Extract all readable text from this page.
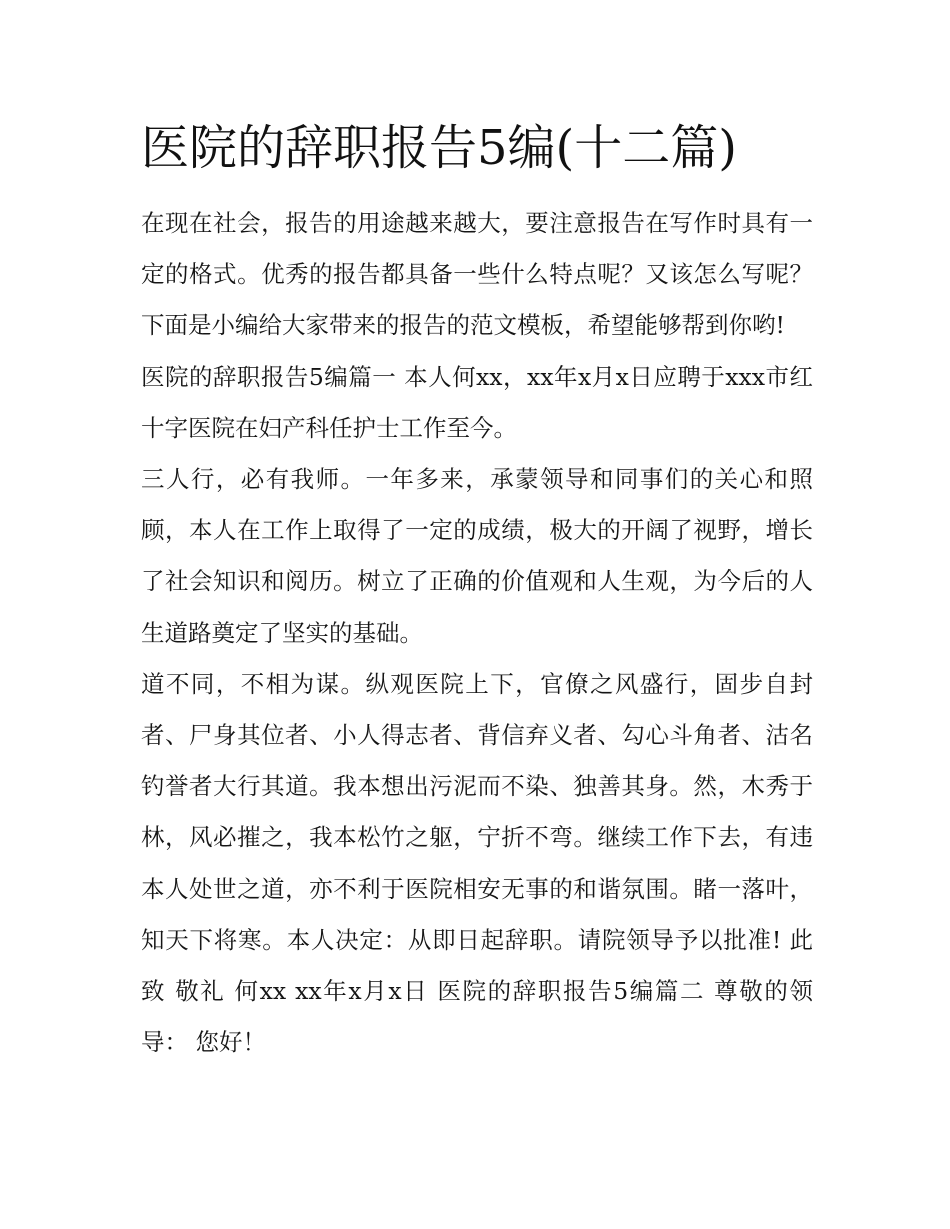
医院的辞职报告5编(十二篇)

在现在社会，报告的用途越来越大，要注意报告在写作时具有一定的格式。优秀的报告都具备一些什么特点呢？又该怎么写呢？下面是小编给大家带来的报告的范文模板，希望能够帮到你哟!

医院的辞职报告5编篇一 本人何xx，xx年x月x日应聘于xxx市红十字医院在妇产科任护士工作至今。

三人行，必有我师。一年多来，承蒙领导和同事们的关心和照顾，本人在工作上取得了一定的成绩，极大的开阔了视野，增长了社会知识和阅历。树立了正确的价值观和人生观，为今后的人生道路奠定了坚实的基础。

道不同，不相为谋。纵观医院上下，官僚之风盛行，固步自封者、尸身其位者、小人得志者、背信弃义者、勾心斗角者、沽名钓誉者大行其道。我本想出污泥而不染、独善其身。然，木秀于林，风必摧之，我本松竹之躯，宁折不弯。继续工作下去，有违本人处世之道，亦不利于医院相安无事的和谐氛围。睹一落叶，知天下将寒。本人决定：从即日起辞职。请院领导予以批准! 此致 敬礼 何xx xx年x月x日 医院的辞职报告5编篇二 尊敬的领导： 您好！
